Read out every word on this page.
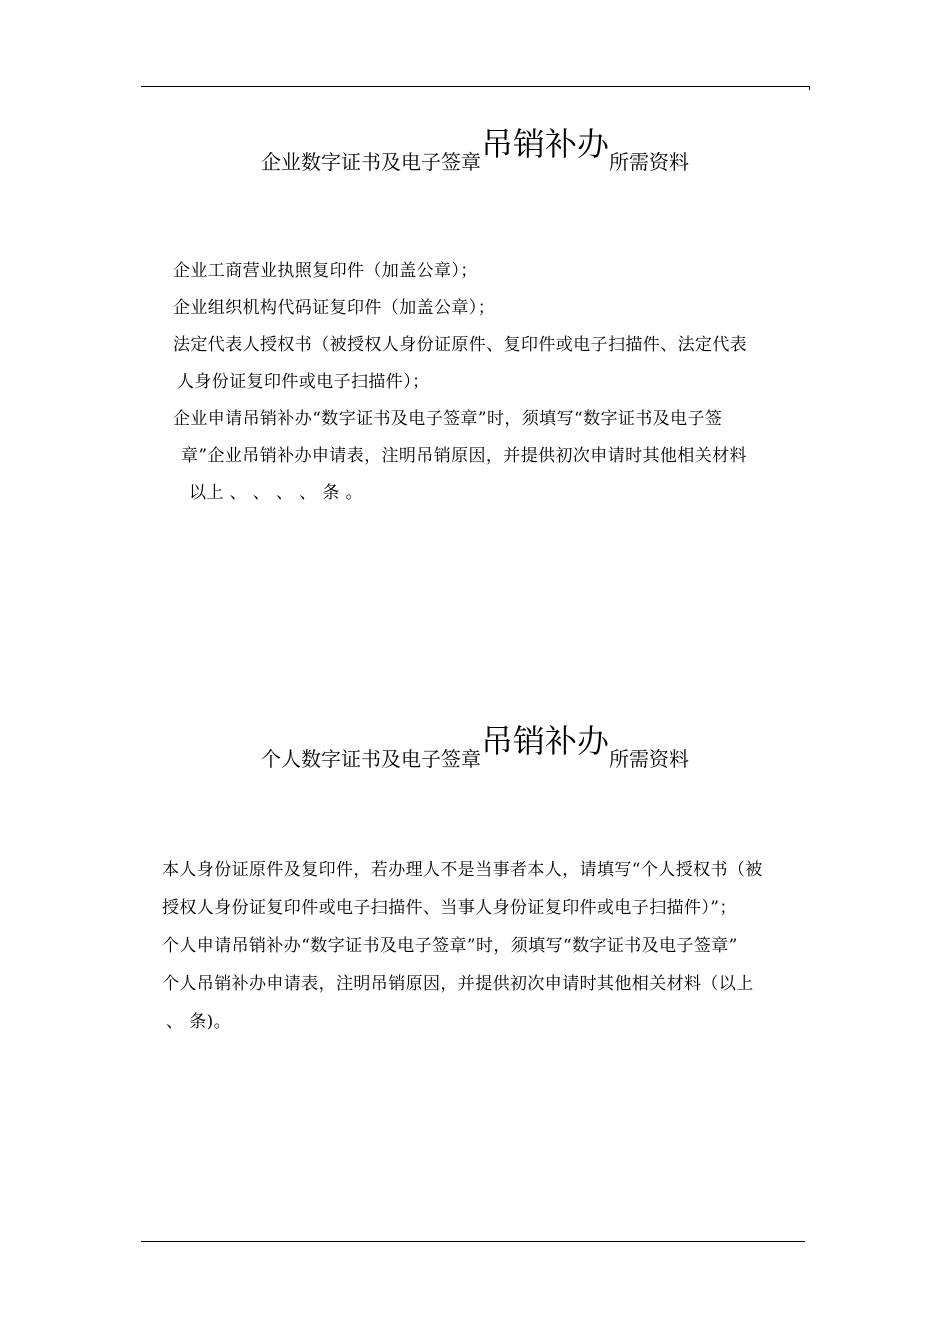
企业数字证书及电子签章吊销补办所需资料
企业工商营业执照复印件（加盖公章）；
企业组织机构代码证复印件（加盖公章）；
法定代表人授权书（被授权人身份证原件、复印件或电子扫描件、法定代表
人身份证复印件或电子扫描件）；
企业申请吊销补办“数字证书及电子签章”时，须填写“数字证书及电子签
章”企业吊销补办申请表，注明吊销原因，并提供初次申请时其他相关材料
以上 、 、 、 、 条 。
个人数字证书及电子签章吊销补办所需资料
本人身份证原件及复印件，若办理人不是当事者本人，请填写“个人授权书（被
授权人身份证复印件或电子扫描件、当事人身份证复印件或电子扫描件）”；
个人申请吊销补办“数字证书及电子签章”时，须填写“数字证书及电子签章”
个人吊销补办申请表，注明吊销原因，并提供初次申请时其他相关材料（以上
、 条)。
